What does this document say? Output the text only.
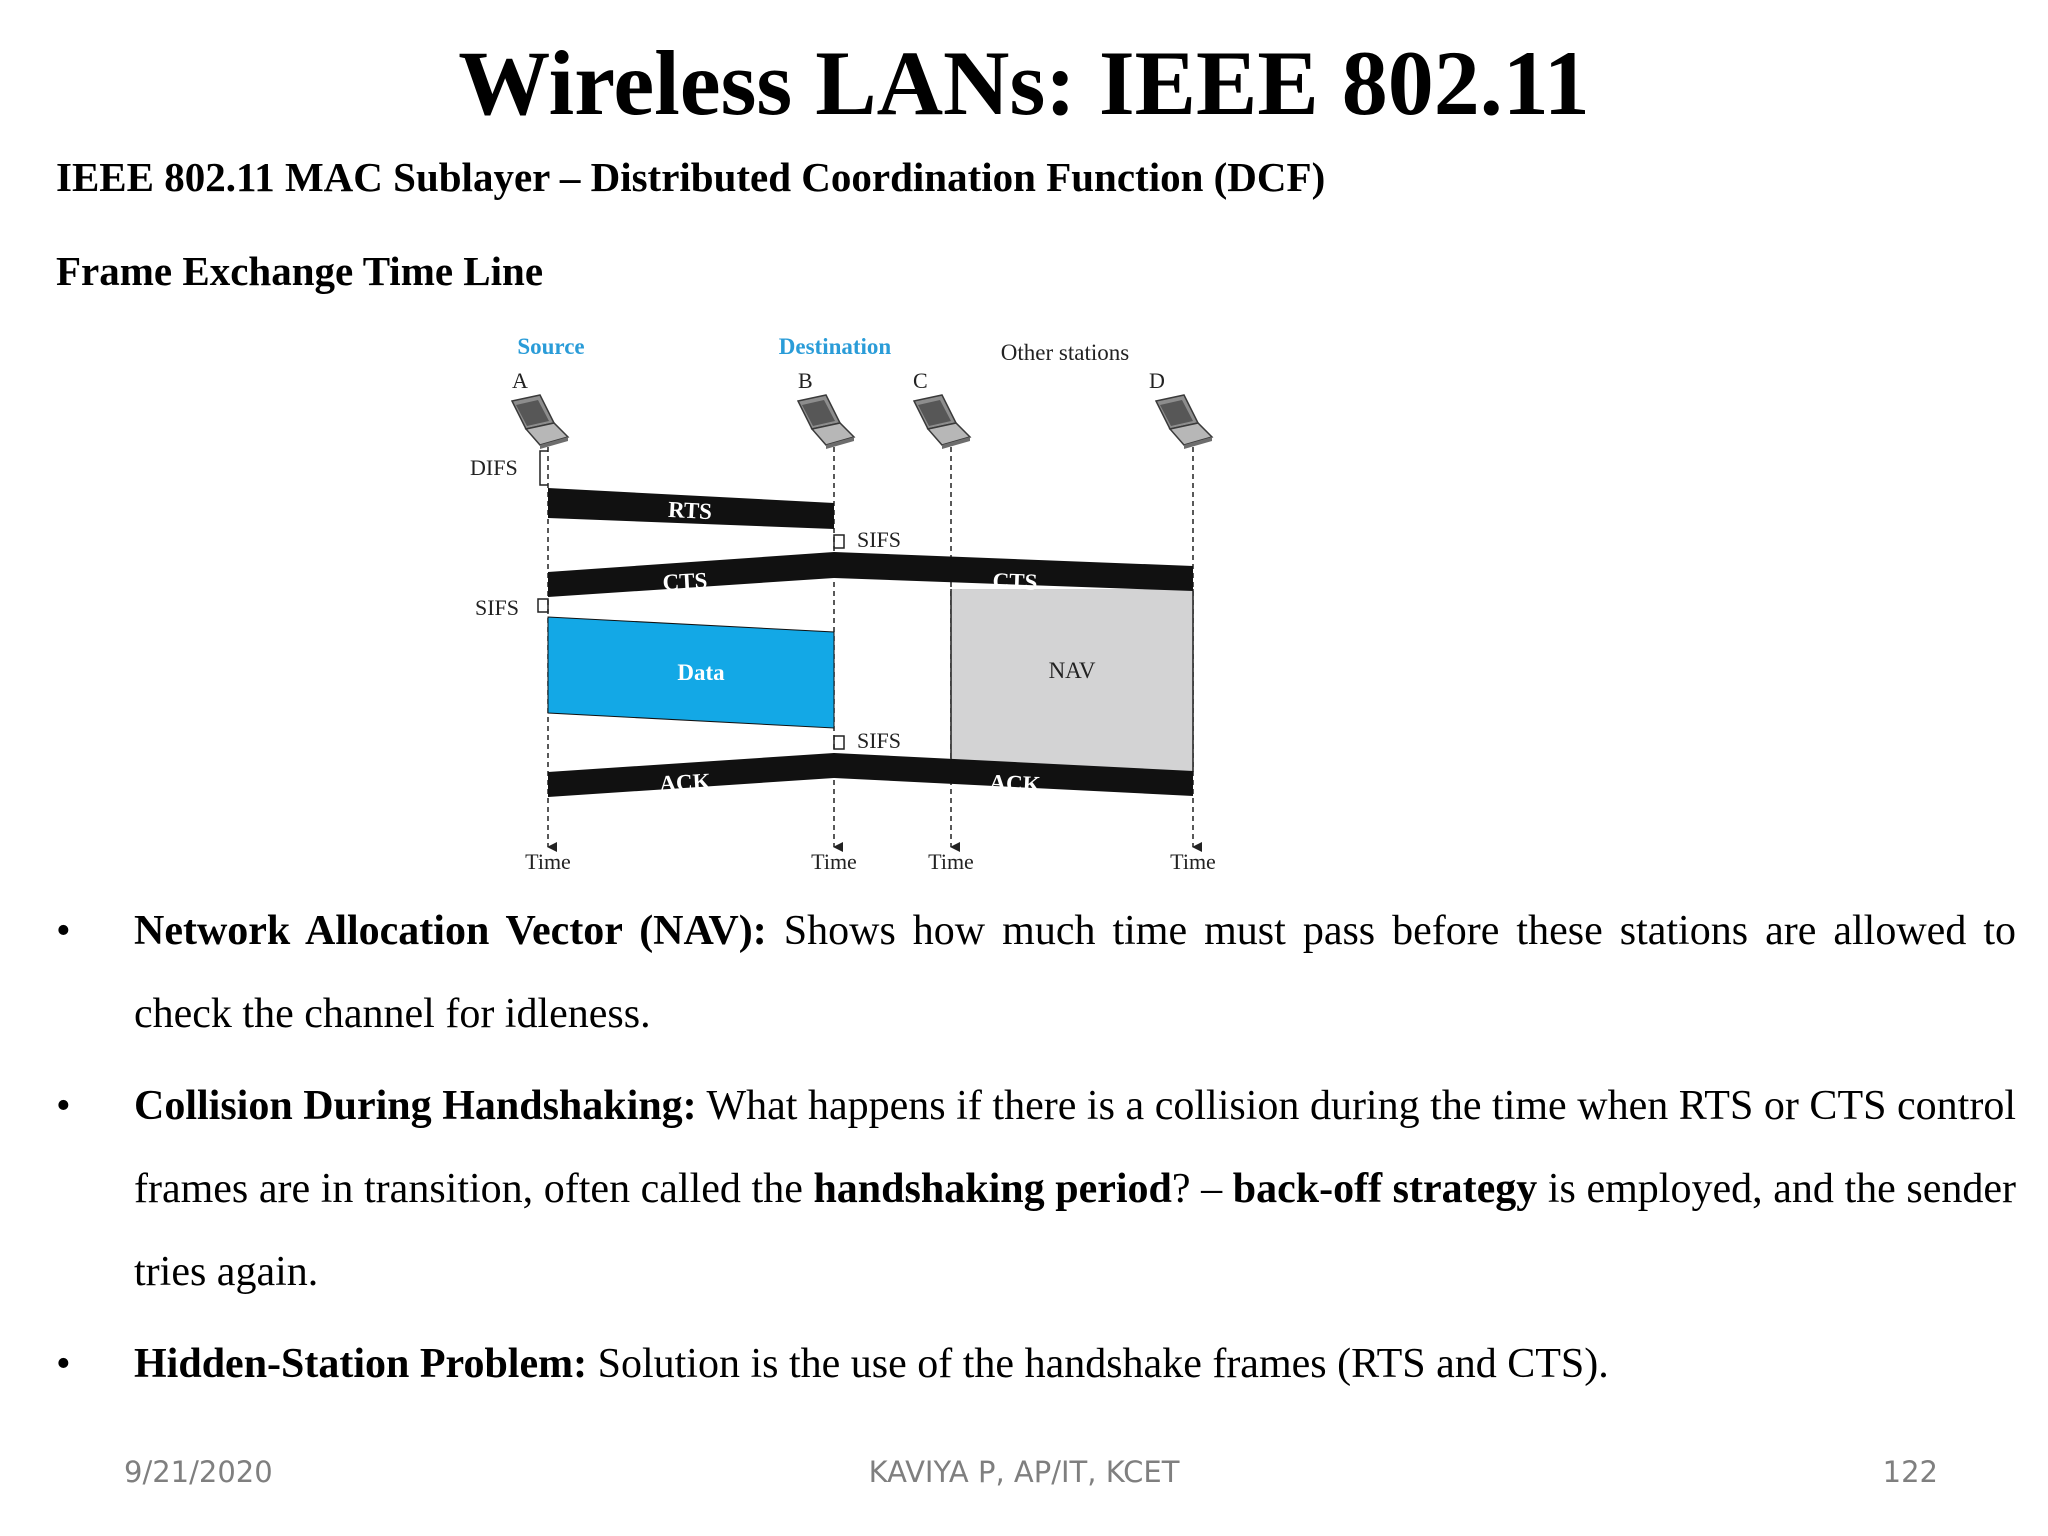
Wireless LANs: IEEE 802.11
IEEE 802.11 MAC Sublayer – Distributed Coordination Function (DCF)
Frame Exchange Time Line
Source	Destination	Other stations
A	B	C	D
DIFS
RTS
SIFS
CTS	CTS
SIFS
Data	NAV
SIFS
ACK	ACK
Time	Time	Time	Time
• Network Allocation Vector (NAV): Shows how much time must pass before these stations are allowed to check the channel for idleness.
• Collision During Handshaking: What happens if there is a collision during the time when RTS or CTS control frames are in transition, often called the handshaking period? – back-off strategy is employed, and the sender tries again.
• Hidden-Station Problem: Solution is the use of the handshake frames (RTS and CTS).
9/21/2020	KAVIYA P, AP/IT, KCET	122
